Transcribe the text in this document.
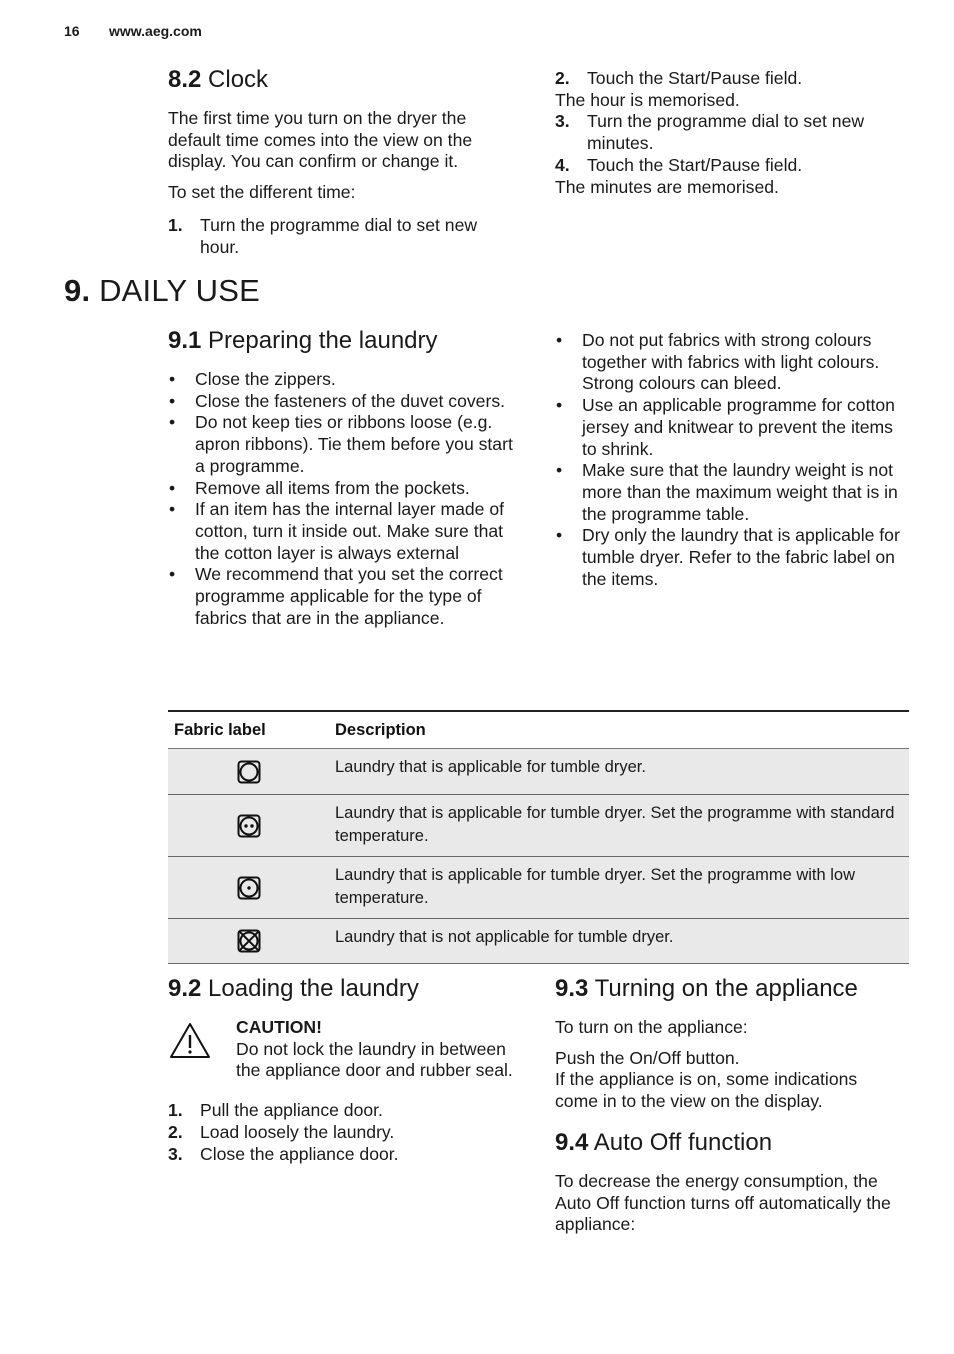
16 www.aeg.com
8.2 Clock

The first time you turn on the dryer the default time comes into the view on the display. You can confirm or change it.

To set the different time:

1. Turn the programme dial to set new hour.
2. Touch the Start/Pause field.

The hour is memorised.

3. Turn the programme dial to set new minutes.
4. Touch the Start/Pause field.

The minutes are memorised.

9. DAILY USE
9.1 Preparing the laundry
•	Close the zippers.
•	Close the fasteners of the duvet covers.
•	Do not keep ties or ribbons loose (e.g. apron ribbons). Tie them before you start a programme.
•	Remove all items from the pockets.
•	If an item has the internal layer made of cotton, turn it inside out. Make sure that the cotton layer is always external
•	We recommend that you set the correct programme applicable for the type of fabrics that are in the appliance.
•	Do not put fabrics with strong colours together with fabrics with light colours. Strong colours can bleed.
•	Use an applicable programme for cotton jersey and knitwear to prevent the items to shrink.
•	Make sure that the laundry weight is not more than the maximum weight that is in the programme table.
•	Dry only the laundry that is applicable for tumble dryer. Refer to the fabric label on the items.
Fabric label	Description

	Laundry that is applicable for tumble dryer.

	Laundry that is applicable for tumble dryer. Set the programme with standard temperature.

	Laundry that is applicable for tumble dryer. Set the programme with low temperature.

	Laundry that is not applicable for tumble dryer.
9.2 Loading the laundry
CAUTION!
Do not lock the laundry in between the appliance door and rubber seal.
1. Pull the appliance door.
2. Load loosely the laundry.
3. Close the appliance door.
9.3 Turning on the appliance

To turn on the appliance:

Push the On/Off button.

If the appliance is on, some indications come in to the view on the display.

9.4 Auto Off function

To decrease the energy consumption, the Auto Off function turns off automatically the appliance:
